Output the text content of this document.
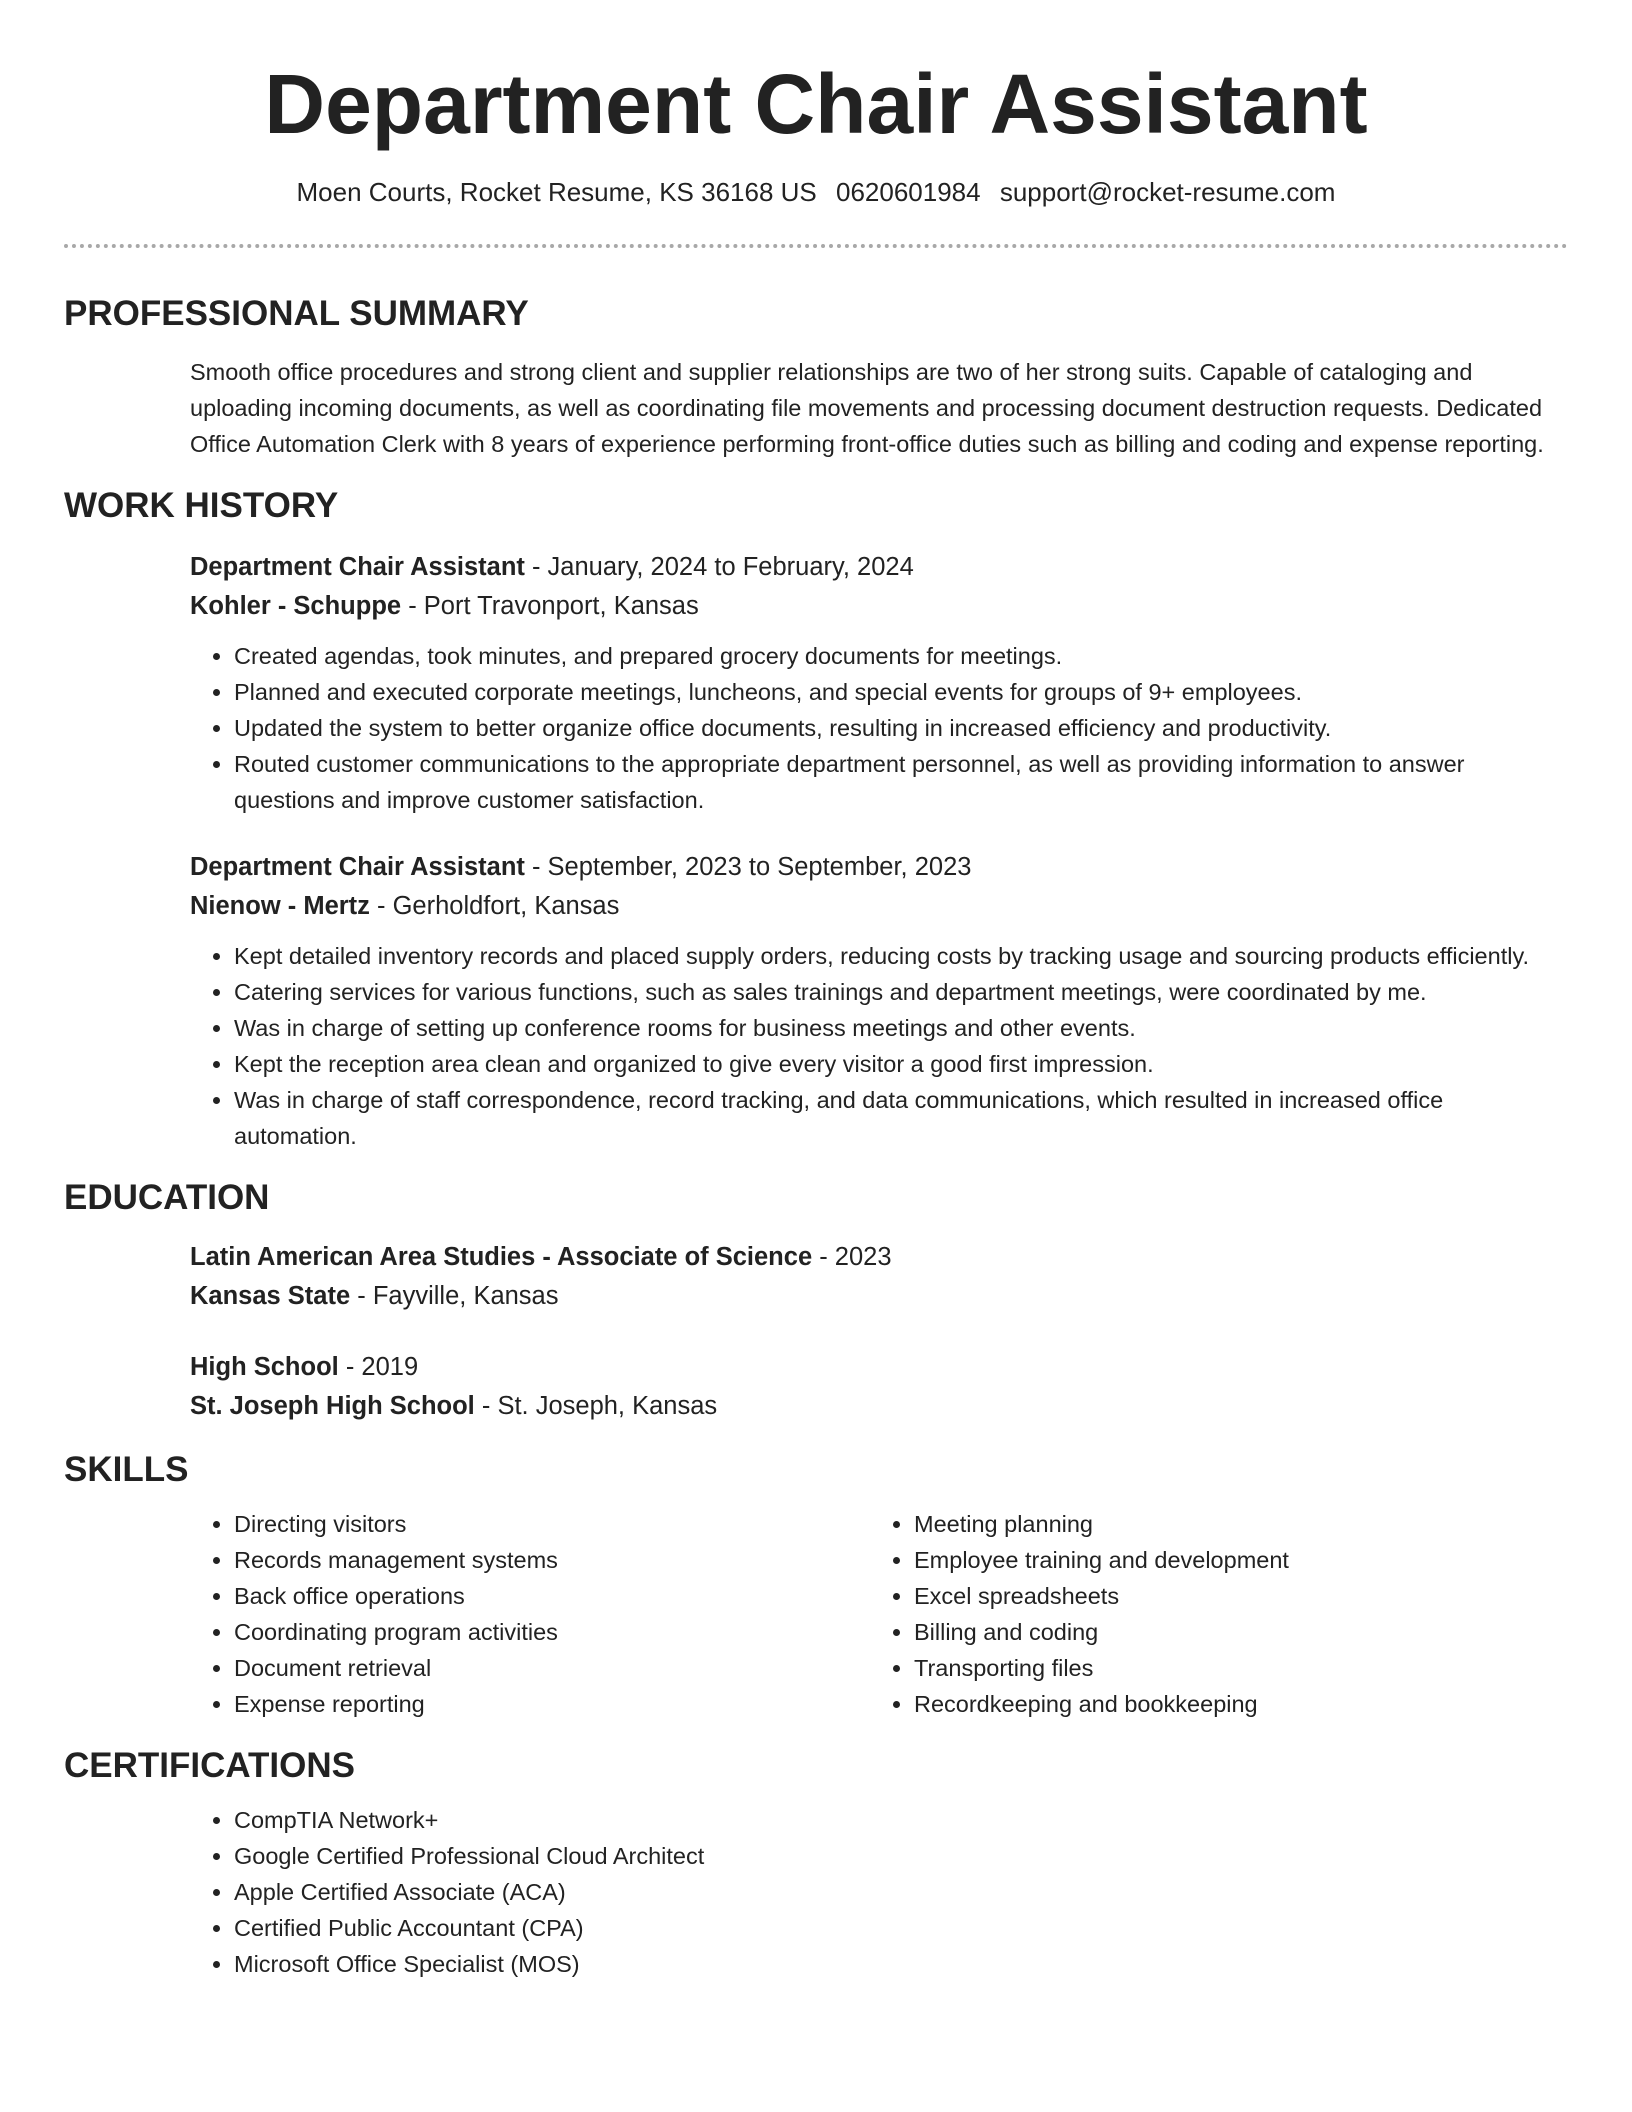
Department Chair Assistant
Moen Courts, Rocket Resume, KS 36168 US 0620601984 support@rocket-resume.com
PROFESSIONAL SUMMARY

Smooth office procedures and strong client and supplier relationships are two of her strong suits. Capable of cataloging and uploading incoming documents, as well as coordinating file movements and processing document destruction requests. Dedicated Office Automation Clerk with 8 years of experience performing front-office duties such as billing and coding and expense reporting.

WORK HISTORY
Department Chair Assistant - January, 2024 to February, 2024
Kohler - Schuppe - Port Travonport, Kansas
• Created agendas, took minutes, and prepared grocery documents for meetings.
• Planned and executed corporate meetings, luncheons, and special events for groups of 9+ employees.
• Updated the system to better organize office documents, resulting in increased efficiency and productivity.
• Routed customer communications to the appropriate department personnel, as well as providing information to answer questions and improve customer satisfaction.
Department Chair Assistant - September, 2023 to September, 2023
Nienow - Mertz - Gerholdfort, Kansas
• Kept detailed inventory records and placed supply orders, reducing costs by tracking usage and sourcing products efficiently.
• Catering services for various functions, such as sales trainings and department meetings, were coordinated by me.
• Was in charge of setting up conference rooms for business meetings and other events.
• Kept the reception area clean and organized to give every visitor a good first impression.
• Was in charge of staff correspondence, record tracking, and data communications, which resulted in increased office automation.
EDUCATION
Latin American Area Studies - Associate of Science - 2023
Kansas State - Fayville, Kansas
High School - 2019
St. Joseph High School - St. Joseph, Kansas
SKILLS
• Directing visitors
• Records management systems
• Back office operations
• Coordinating program activities
• Document retrieval
• Expense reporting
• Meeting planning
• Employee training and development
• Excel spreadsheets
• Billing and coding
• Transporting files
• Recordkeeping and bookkeeping
CERTIFICATIONS
• CompTIA Network+
• Google Certified Professional Cloud Architect
• Apple Certified Associate (ACA)
• Certified Public Accountant (CPA)
• Microsoft Office Specialist (MOS)
